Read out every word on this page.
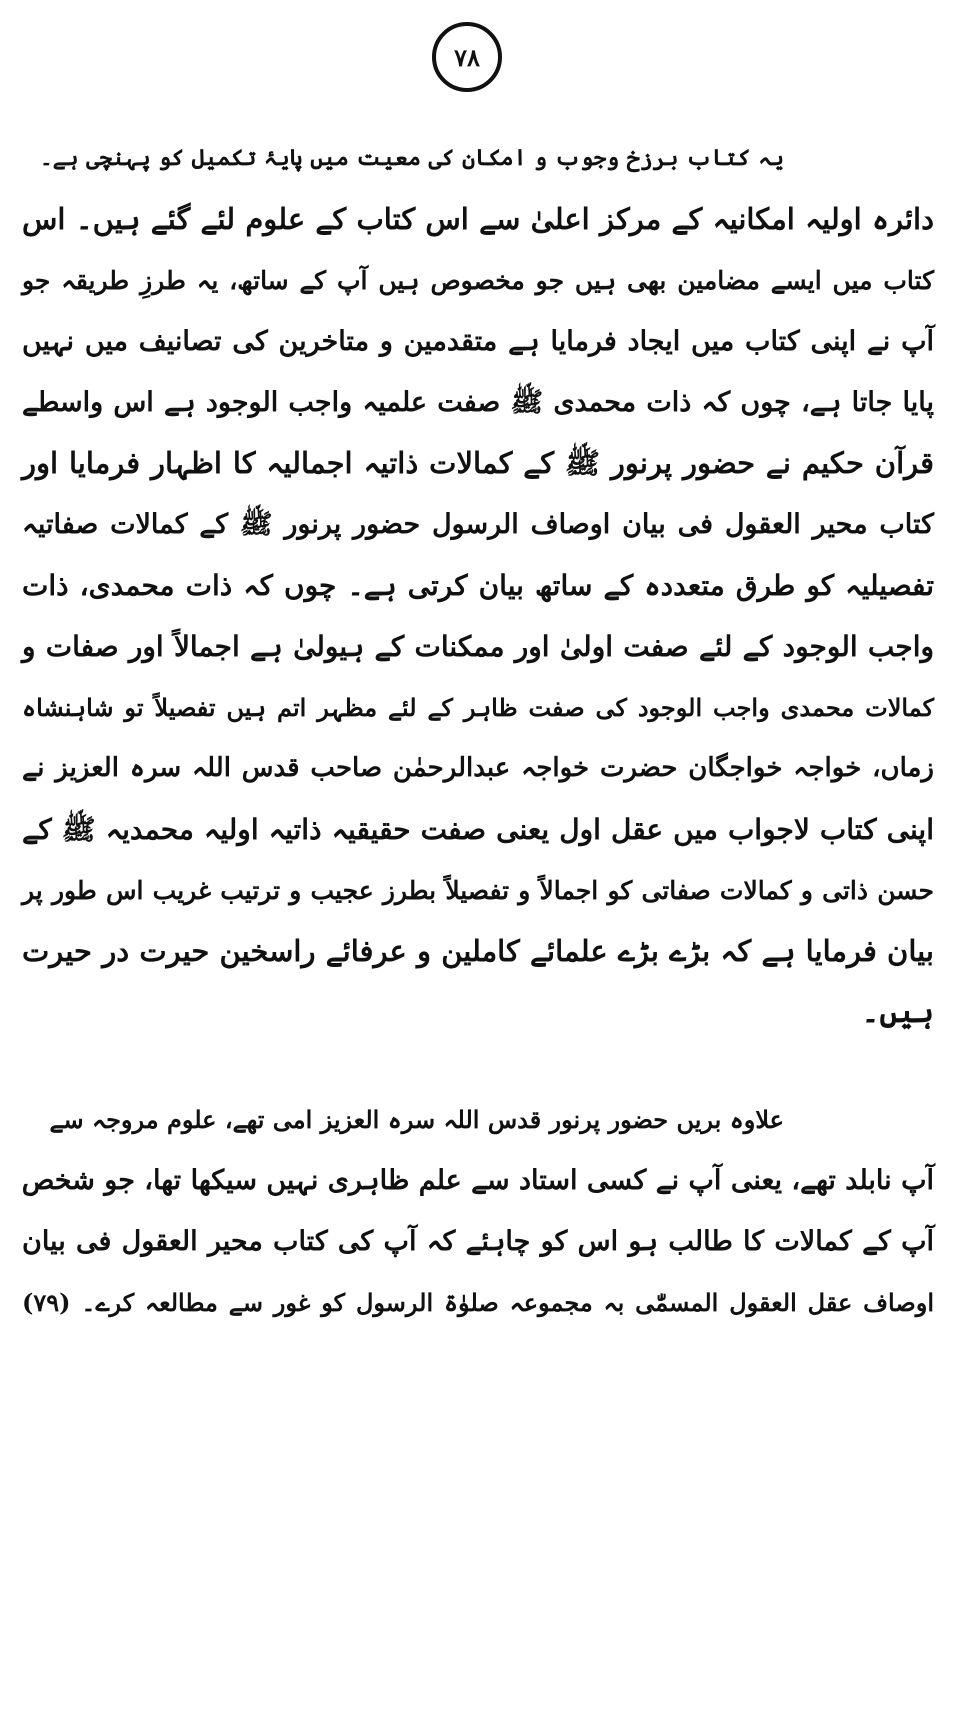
۷۸
یہ کتاب برزخ وجوب و امکان کی معیت میں پایۂ تکمیل کو پہنچی ہے۔
دائرہ اولیہ امکانیہ کے مرکز اعلیٰ سے اس کتاب کے علوم لئے گئے ہیں۔ اس
کتاب میں ایسے مضامین بھی ہیں جو مخصوص ہیں آپ کے ساتھ، یہ طرزِ طریقہ جو
آپ نے اپنی کتاب میں ایجاد فرمایا ہے متقدمین و متاخرین کی تصانیف میں نہیں
پایا جاتا ہے، چوں کہ ذات محمدی ﷺ صفت علمیہ واجب الوجود ہے اس واسطے
قرآن حکیم نے حضور پرنور ﷺ کے کمالات ذاتیہ اجمالیہ کا اظہار فرمایا اور
کتاب محیر العقول فی بیان اوصاف الرسول حضور پرنور ﷺ کے کمالات صفاتیہ
تفصیلیہ کو طرق متعددہ کے ساتھ بیان کرتی ہے۔ چوں کہ ذات محمدی، ذات
واجب الوجود کے لئے صفت اولیٰ اور ممکنات کے ہیولیٰ ہے اجمالاً اور صفات و
کمالات محمدی واجب الوجود کی صفت ظاہر کے لئے مظہر اتم ہیں تفصیلاً تو شاہنشاہ
زماں، خواجہ خواجگان حضرت خواجہ عبدالرحمٰن صاحب قدس اللہ سرہ العزیز نے
اپنی کتاب لاجواب میں عقل اول یعنی صفت حقیقیہ ذاتیہ اولیہ محمدیہ ﷺ کے
حسن ذاتی و کمالات صفاتی کو اجمالاً و تفصیلاً بطرز عجیب و ترتیب غریب اس طور پر
بیان فرمایا ہے کہ بڑے بڑے علمائے کاملین و عرفائے راسخین حیرت در حیرت
ہیں۔
علاوہ بریں حضور پرنور قدس اللہ سرہ العزیز امی تھے، علوم مروجہ سے
آپ نابلد تھے، یعنی آپ نے کسی استاد سے علم ظاہری نہیں سیکھا تھا، جو شخص
آپ کے کمالات کا طالب ہو اس کو چاہئے کہ آپ کی کتاب محیر العقول فی بیان
اوصاف عقل العقول المسمّٰی بہ مجموعہ صلوٰۃ الرسول کو غور سے مطالعہ کرے۔ (۷۹)
